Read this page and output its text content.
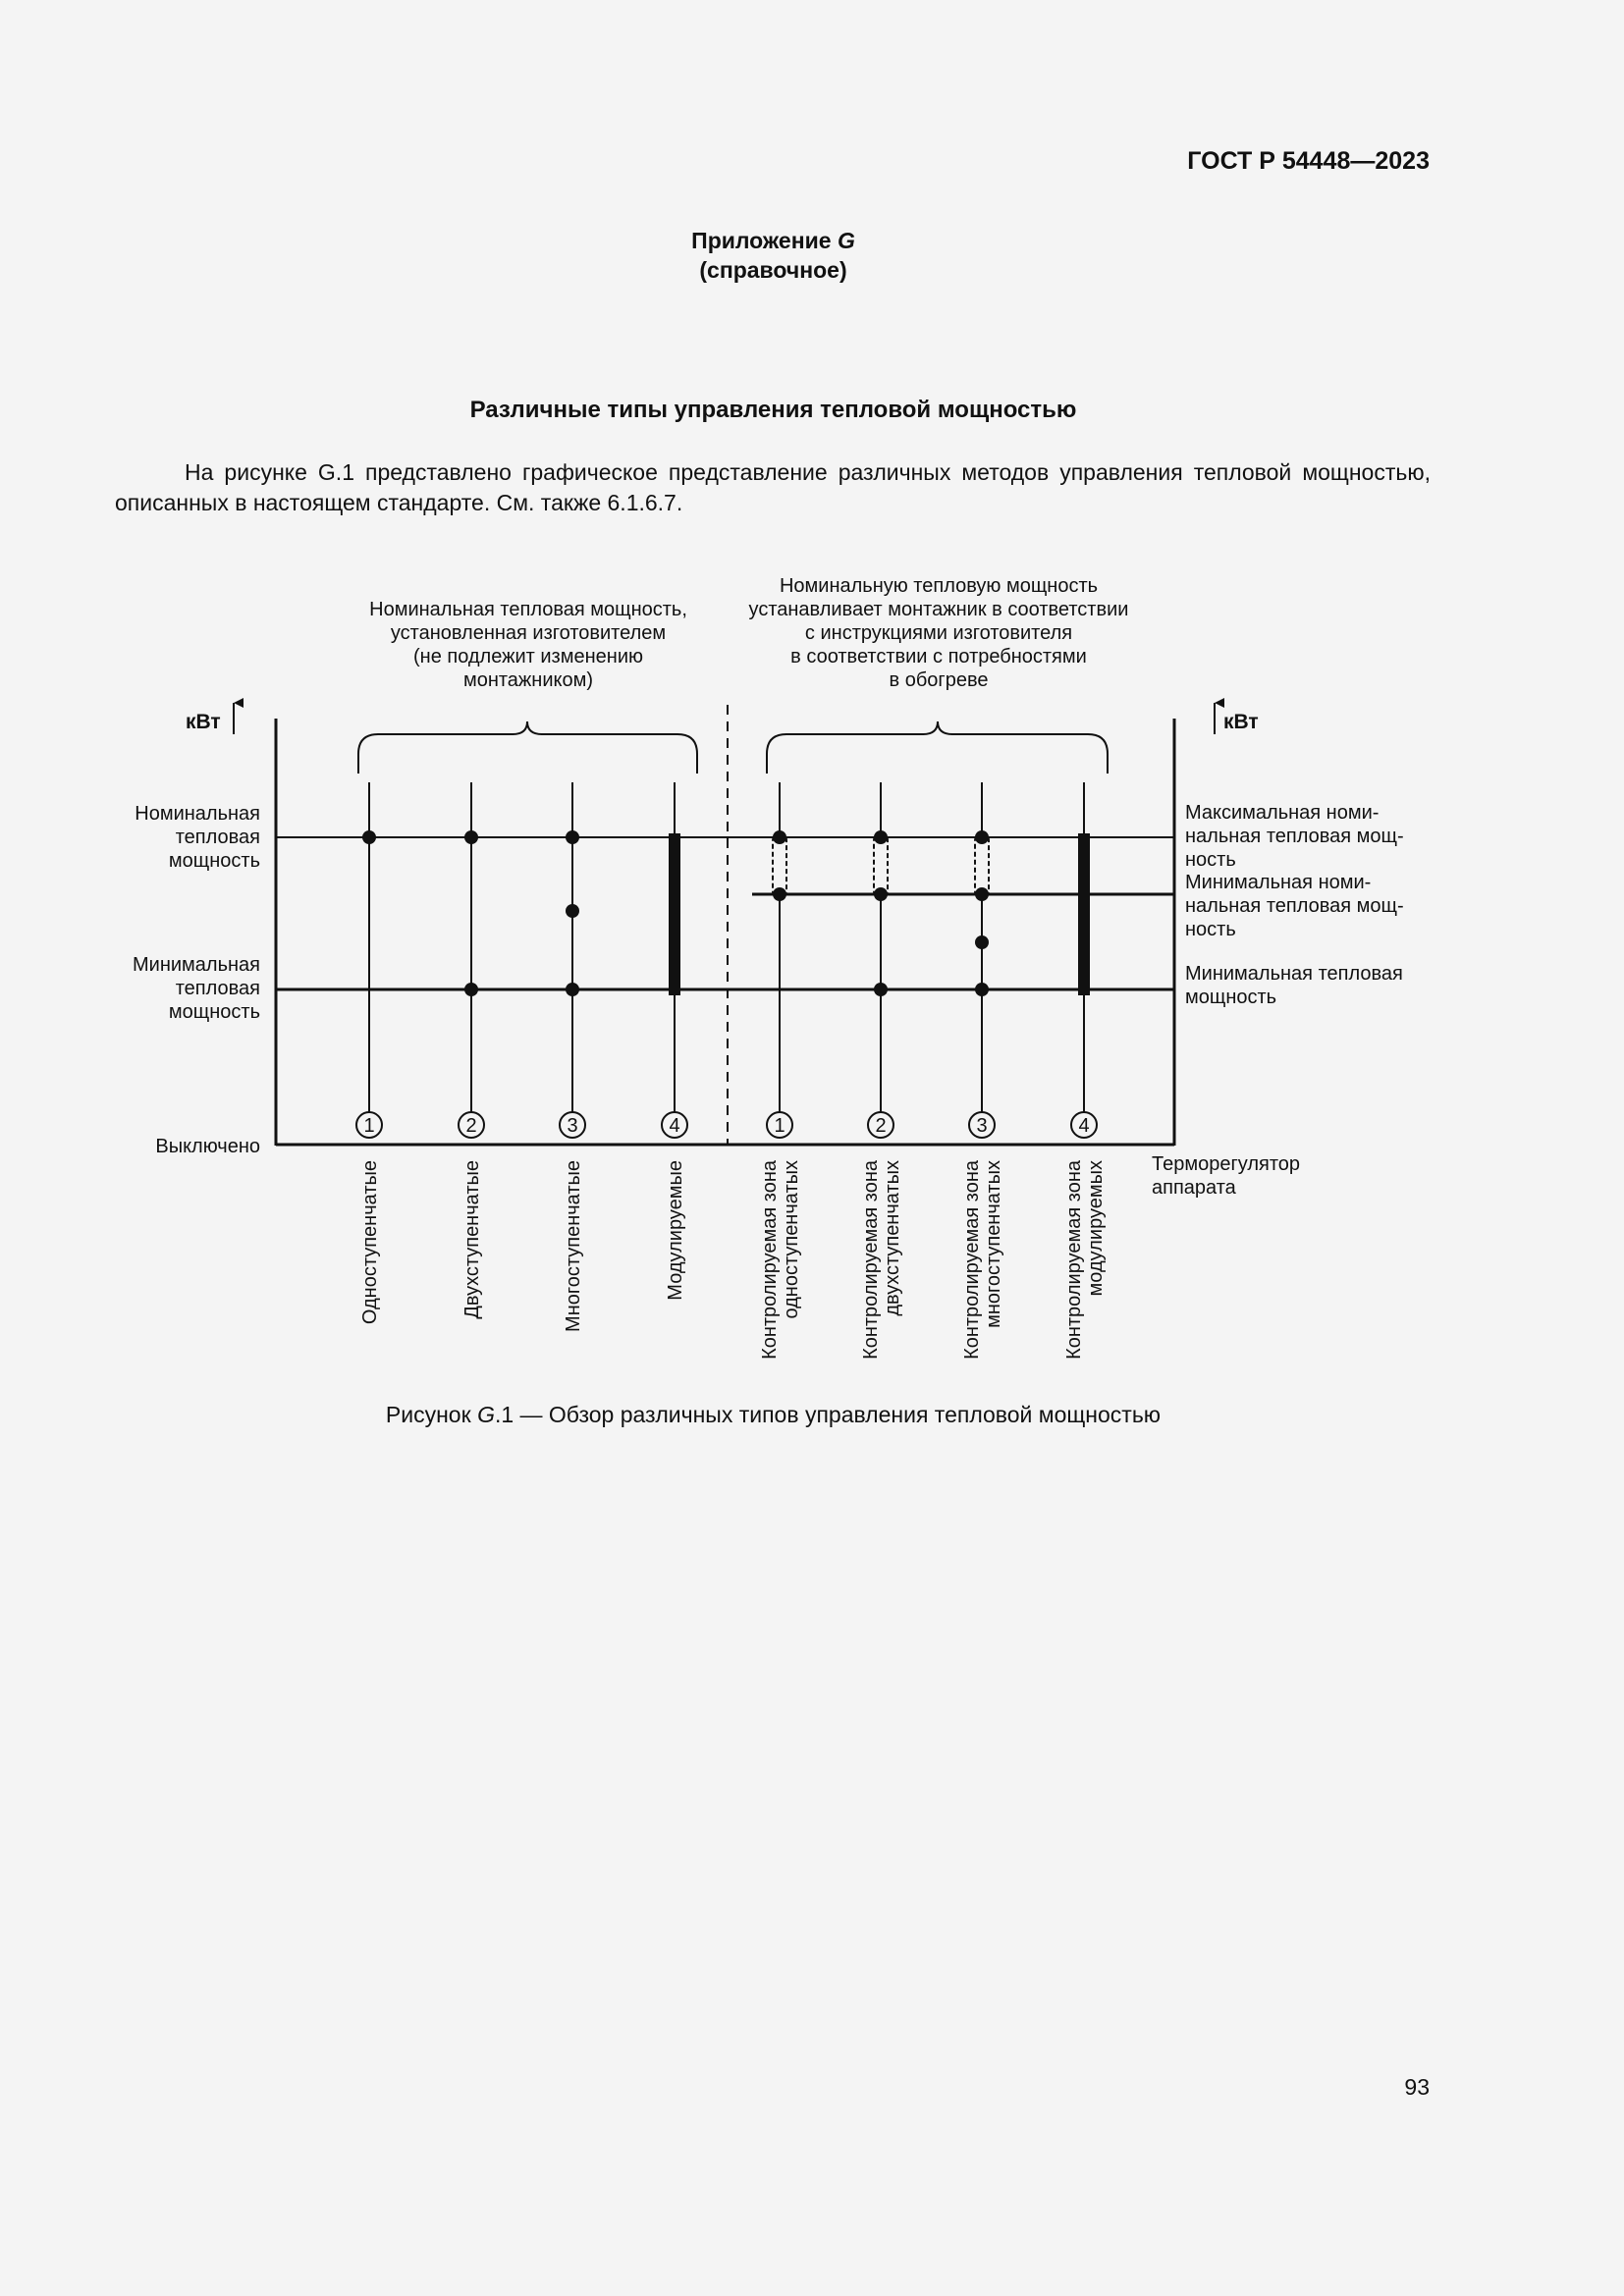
ГОСТ Р 54448—2023
Приложение G
(справочное)
Различные типы управления тепловой мощностью
На рисунке G.1 представлено графическое представление различных методов управления тепловой мощностью, описанных в настоящем стандарте. См. также 6.1.6.7.
Номинальная тепловая мощность, установленная изготовителем (не подлежит изменению монтажником)
Номинальную тепловую мощность устанавливает монтажник в соответствии с инструкциями изготовителя в соответствии с потребностями в обогреве
кВт	кВт
Номинальная тепловая мощность
Минимальная тепловая мощность
Выключено
Максимальная номи-нальная тепловая мощ-ность
Минимальная номи-нальная тепловая мощ-ность
Минимальная тепловая мощность
Терморегулятор аппарата
1
Одноступенчатые
2
Двухступенчатые
3
Многоступенчатые
4
Модулируемые
1
Контролируемая зона одноступенчатых
2
Контролируемая зона двухступенчатых
3
Контролируемая зона многоступенчатых
4
Контролируемая зона модулируемых
Рисунок G.1 — Обзор различных типов управления тепловой мощностью
93
